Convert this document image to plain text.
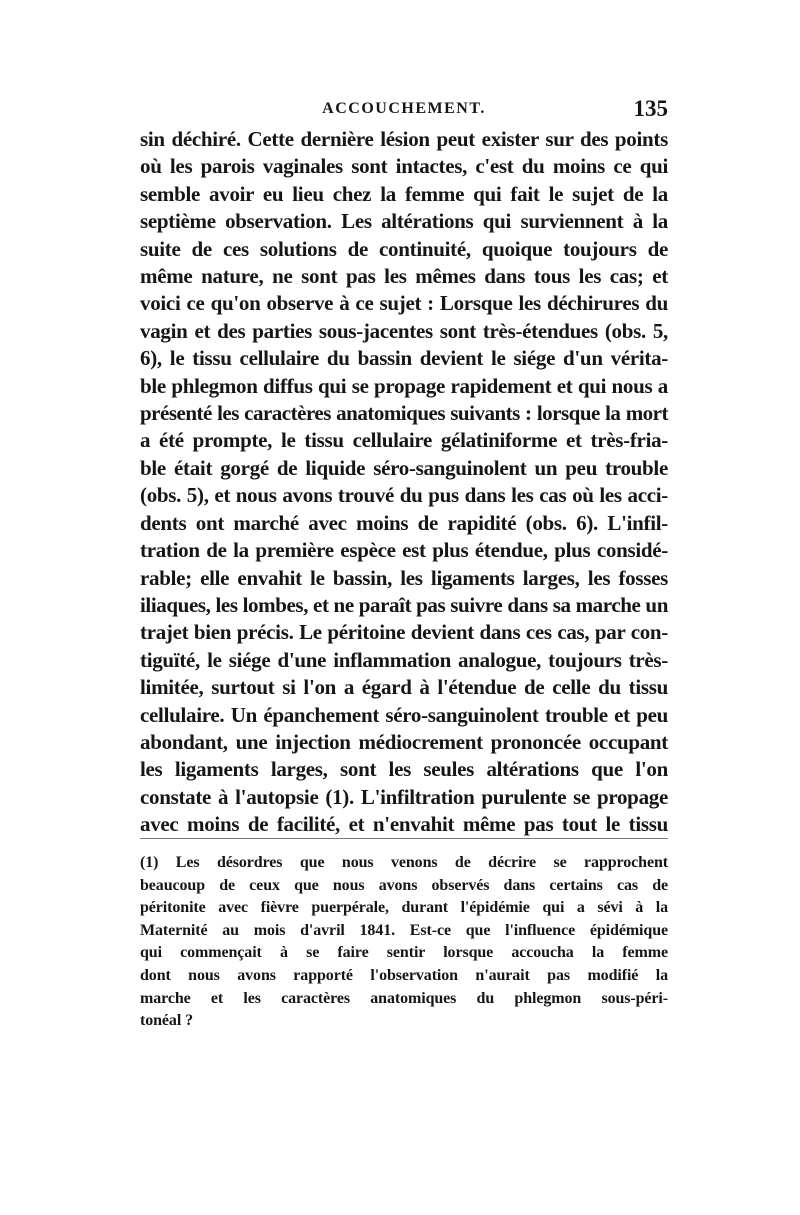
ACCOUCHEMENT.	135
sin déchiré. Cette dernière lésion peut exister sur des points
où les parois vaginales sont intactes, c'est du moins ce qui
semble avoir eu lieu chez la femme qui fait le sujet de la
septième observation. Les altérations qui surviennent à la
suite de ces solutions de continuité, quoique toujours de
même nature, ne sont pas les mêmes dans tous les cas; et
voici ce qu'on observe à ce sujet : Lorsque les déchirures du
vagin et des parties sous-jacentes sont très-étendues (obs. 5,
6), le tissu cellulaire du bassin devient le siége d'un vérita-
ble phlegmon diffus qui se propage rapidement et qui nous a
présenté les caractères anatomiques suivants : lorsque la mort
a été prompte, le tissu cellulaire gélatiniforme et très-fria-
ble était gorgé de liquide séro-sanguinolent un peu trouble
(obs. 5), et nous avons trouvé du pus dans les cas où les acci-
dents ont marché avec moins de rapidité (obs. 6). L'infil-
tration de la première espèce est plus étendue, plus considé-
rable; elle envahit le bassin, les ligaments larges, les fosses
iliaques, les lombes, et ne paraît pas suivre dans sa marche un
trajet bien précis. Le péritoine devient dans ces cas, par con-
tiguïté, le siége d'une inflammation analogue, toujours très-
limitée, surtout si l'on a égard à l'étendue de celle du tissu
cellulaire. Un épanchement séro-sanguinolent trouble et peu
abondant, une injection médiocrement prononcée occupant
les ligaments larges, sont les seules altérations que l'on
constate à l'autopsie (1). L'infiltration purulente se propage
avec moins de facilité, et n'envahit même pas tout le tissu
(1) Les désordres que nous venons de décrire se rapprochent
beaucoup de ceux que nous avons observés dans certains cas de
péritonite avec fièvre puerpérale, durant l'épidémie qui a sévi à la
Maternité au mois d'avril 1841. Est-ce que l'influence épidémique
qui commençait à se faire sentir lorsque accoucha la femme
dont nous avons rapporté l'observation n'aurait pas modifié la
marche et les caractères anatomiques du phlegmon sous-péri-
tonéal ?
